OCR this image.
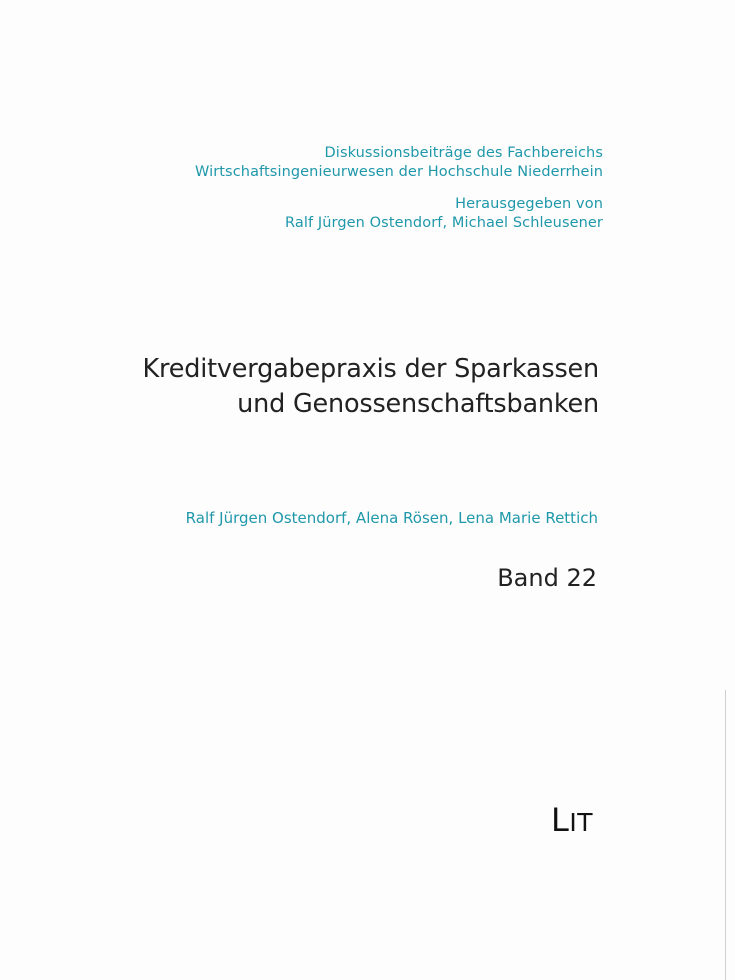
Diskussionsbeiträge des Fachbereichs
Wirtschaftsingenieurwesen der Hochschule Niederrhein
Herausgegeben von
Ralf Jürgen Ostendorf, Michael Schleusener
Kreditvergabepraxis der Sparkassen
und Genossenschaftsbanken
Ralf Jürgen Ostendorf, Alena Rösen, Lena Marie Rettich
Band 22
LIT
